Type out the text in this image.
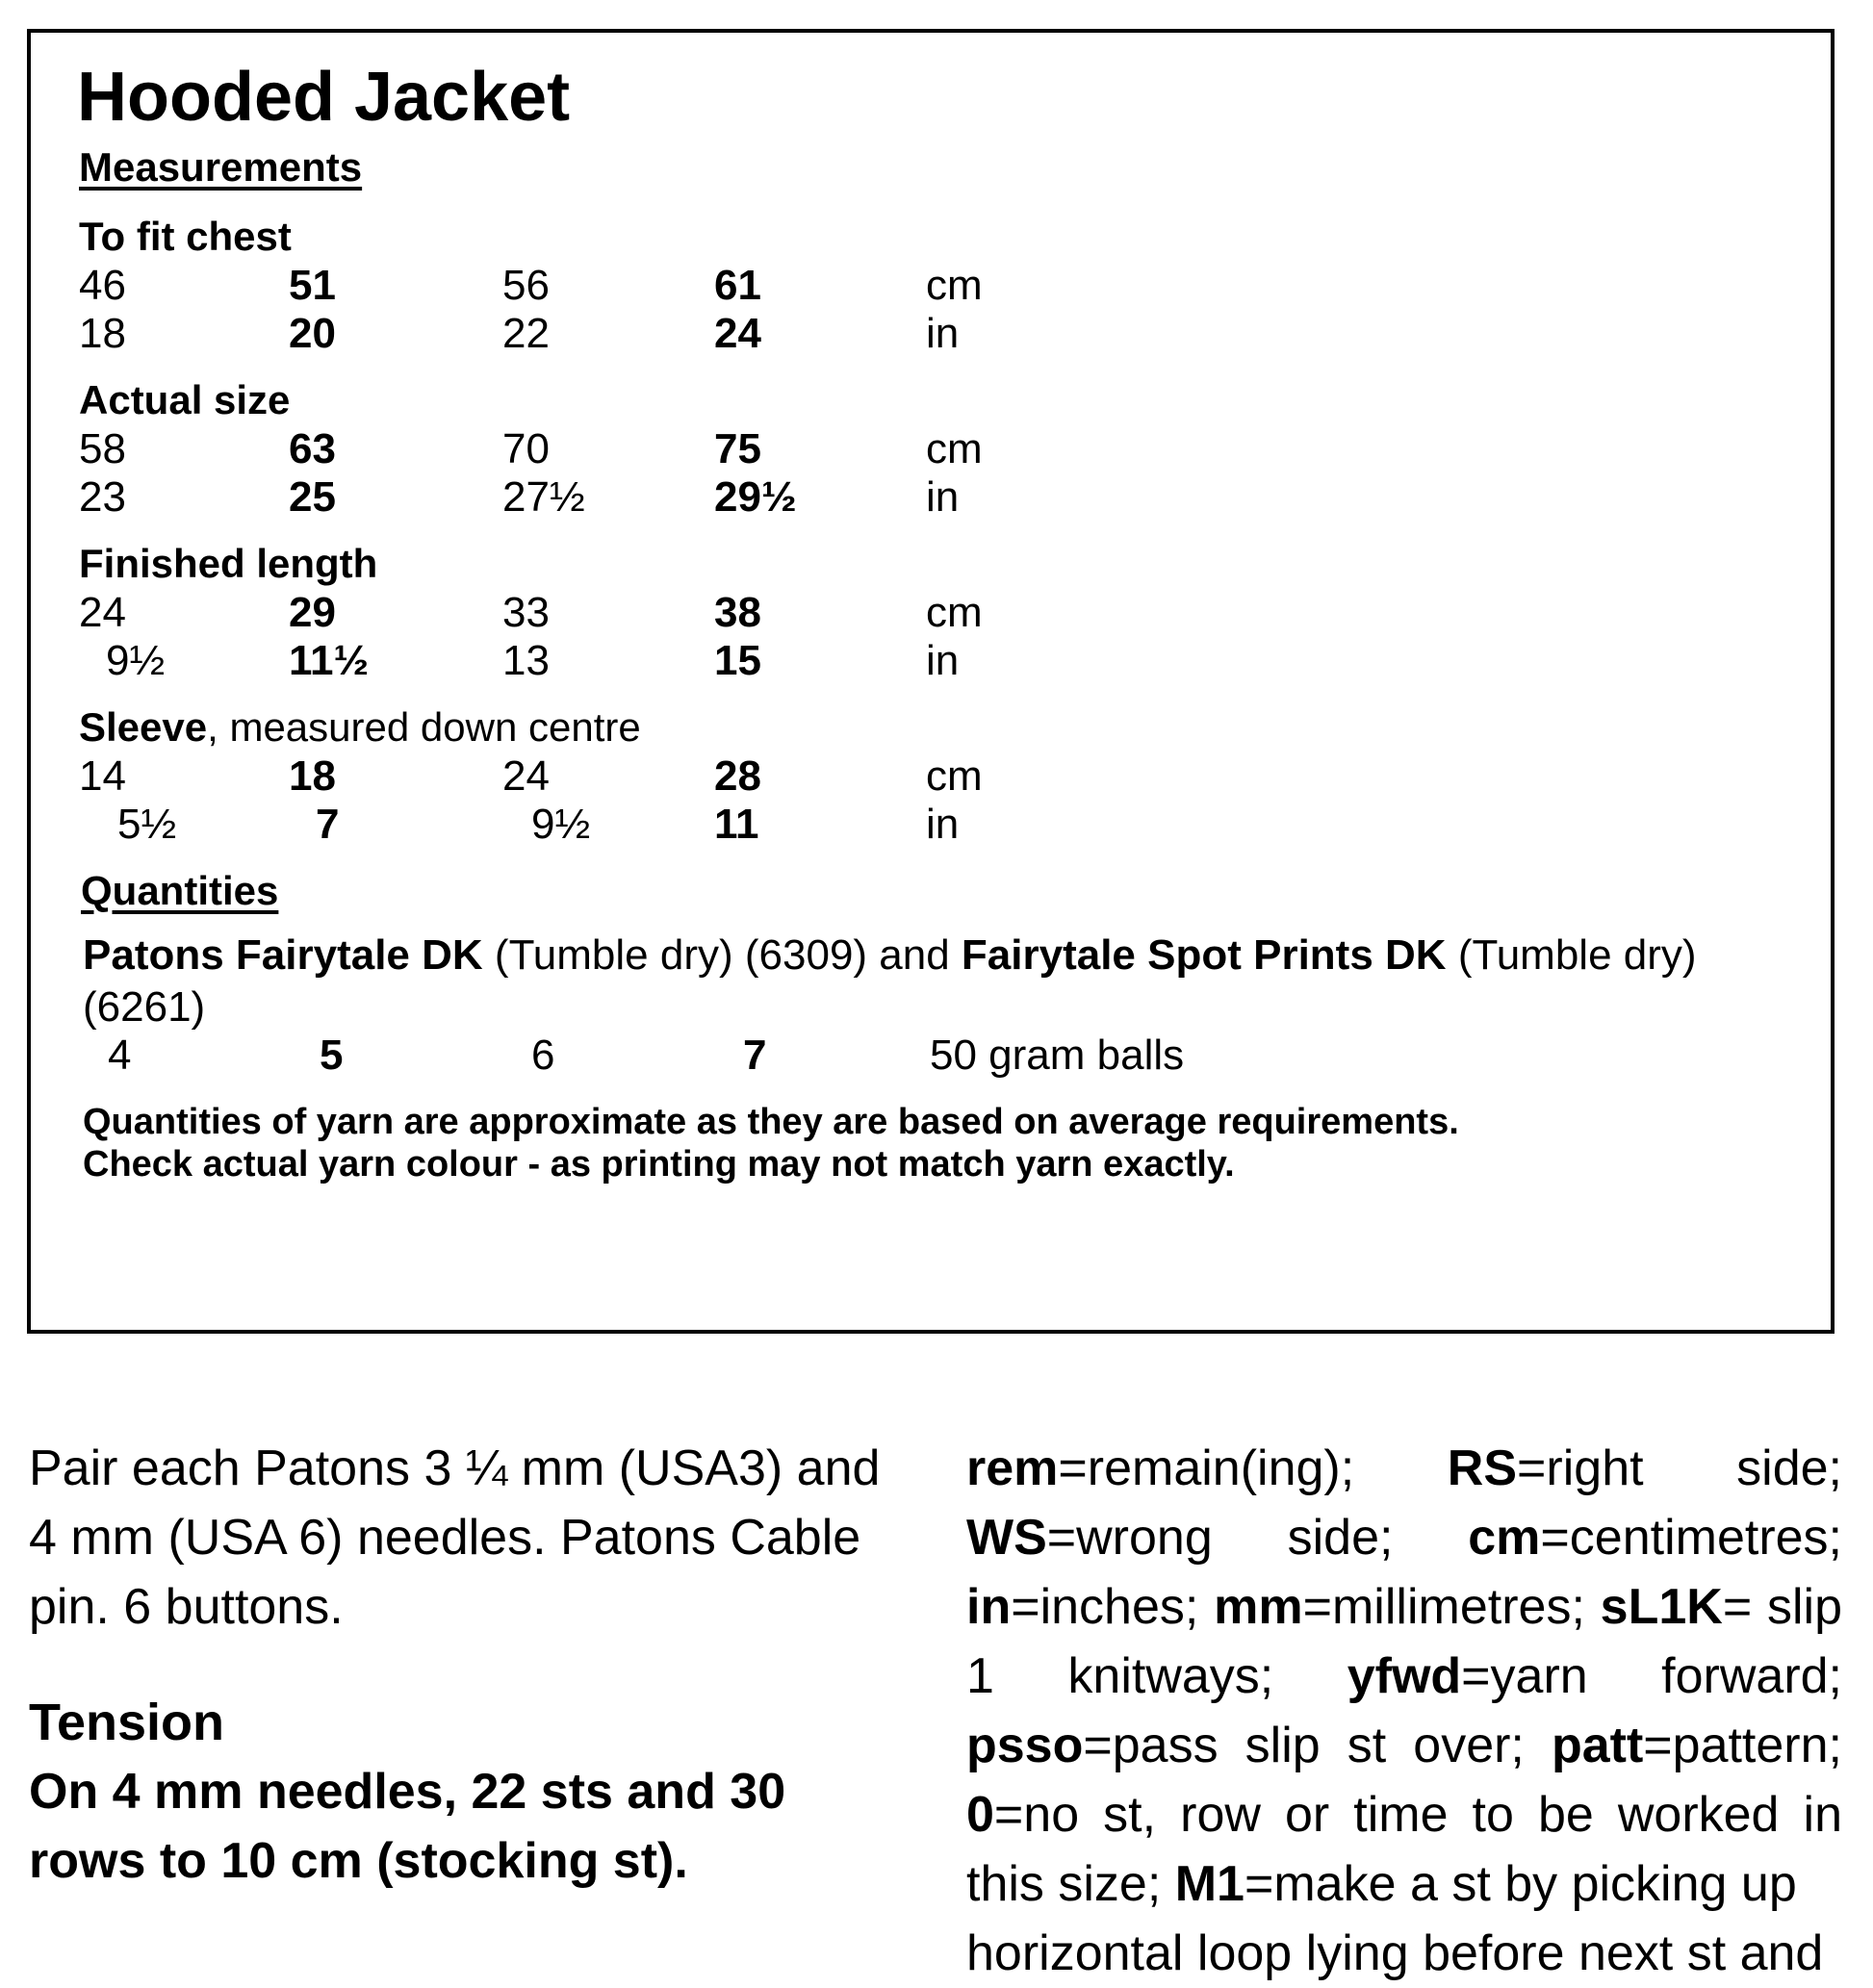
Hooded Jacket
Measurements
To fit chest
46	51	56	61	cm
18	20	22	24	in
Actual size
58	63	70	75	cm
23	25	27½	29½	in
Finished length
24	29	33	38	cm
9½	11½	13	15	in
Sleeve, measured down centre
14	18	24	28	cm
5½	7	9½	11	in
Quantities
Patons Fairytale DK (Tumble dry) (6309) and Fairytale Spot Prints DK (Tumble dry)
(6261)
4	5	6	7	50 gram balls
Quantities of yarn are approximate as they are based on average requirements.
Check actual yarn colour - as printing may not match yarn exactly.

Pair each Patons 3 ¼ mm (USA3) and 4 mm (USA 6) needles. Patons Cable pin. 6 buttons.

Tension

On 4 mm needles, 22 sts and 30 rows to 10 cm (stocking st).

rem=remain(ing); RS=right side; WS=wrong side; cm=centimetres; in=inches; mm=millimetres; sL1K= slip 1 knitways; yfwd=yarn forward; psso=pass slip st over; patt=pattern; 0=no st, row or time to be worked in this size; M1=make a st by picking up

horizontal loop lying before next st and
